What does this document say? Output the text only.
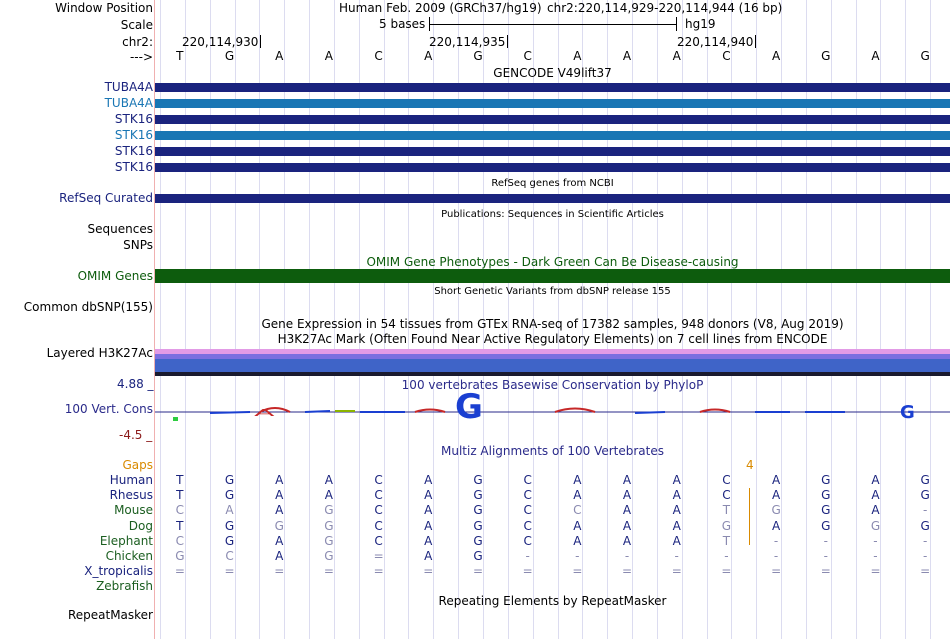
Window Position
Scale
chr2:
--->
Human Feb. 2009 (GRCh37/hg19) chr2:220,114,929-220,114,944 (16 bp)
5 bases	hg19
220,114,930	220,114,935	220,114,940
T	G	A	A	C	A	G	C	A	A	A	C	A	G	A	G
GENCODE V49lift37
TUBA4A
TUBA4A
STK16
STK16
STK16
STK16
RefSeq genes from NCBI
RefSeq Curated
Publications: Sequences in Scientific Articles
Sequences
SNPs
OMIM Gene Phenotypes - Dark Green Can Be Disease-causing
OMIM Genes
Short Genetic Variants from dbSNP release 155
Common dbSNP(155)
Gene Expression in 54 tissues from GTEx RNA-seq of 17382 samples, 948 donors (V8, Aug 2019)
H3K27Ac Mark (Often Found Near Active Regulatory Elements) on 7 cell lines from ENCODE
Layered H3K27Ac
4.88 _	100 vertebrates Basewise Conservation by PhyloP
100 Vert. Cons
-4.5 _
A	G	G
Multiz Alignments of 100 Vertebrates
Gaps	4
Human	T	G	A	A	C	A	G	C	A	A	A	C	A	G	A	G
Rhesus	T	G	A	A	C	A	G	C	A	A	A	C	A	G	A	G
Mouse	C	A	A	G	C	A	G	C	C	A	A	T	G	G	A	-
Dog	T	G	G	G	C	A	G	C	A	A	A	G	A	G	G	G
Elephant	C	G	A	G	C	A	G	C	A	A	A	T	-	-	-	-
Chicken	G	C	A	G	=	A	G	-	-	-	-	-	-	-	-	-
X_tropicalis	=	=	=	=	=	=	=	=	=	=	=	=	=	=	=	=
Zebrafish
Repeating Elements by RepeatMasker
RepeatMasker
